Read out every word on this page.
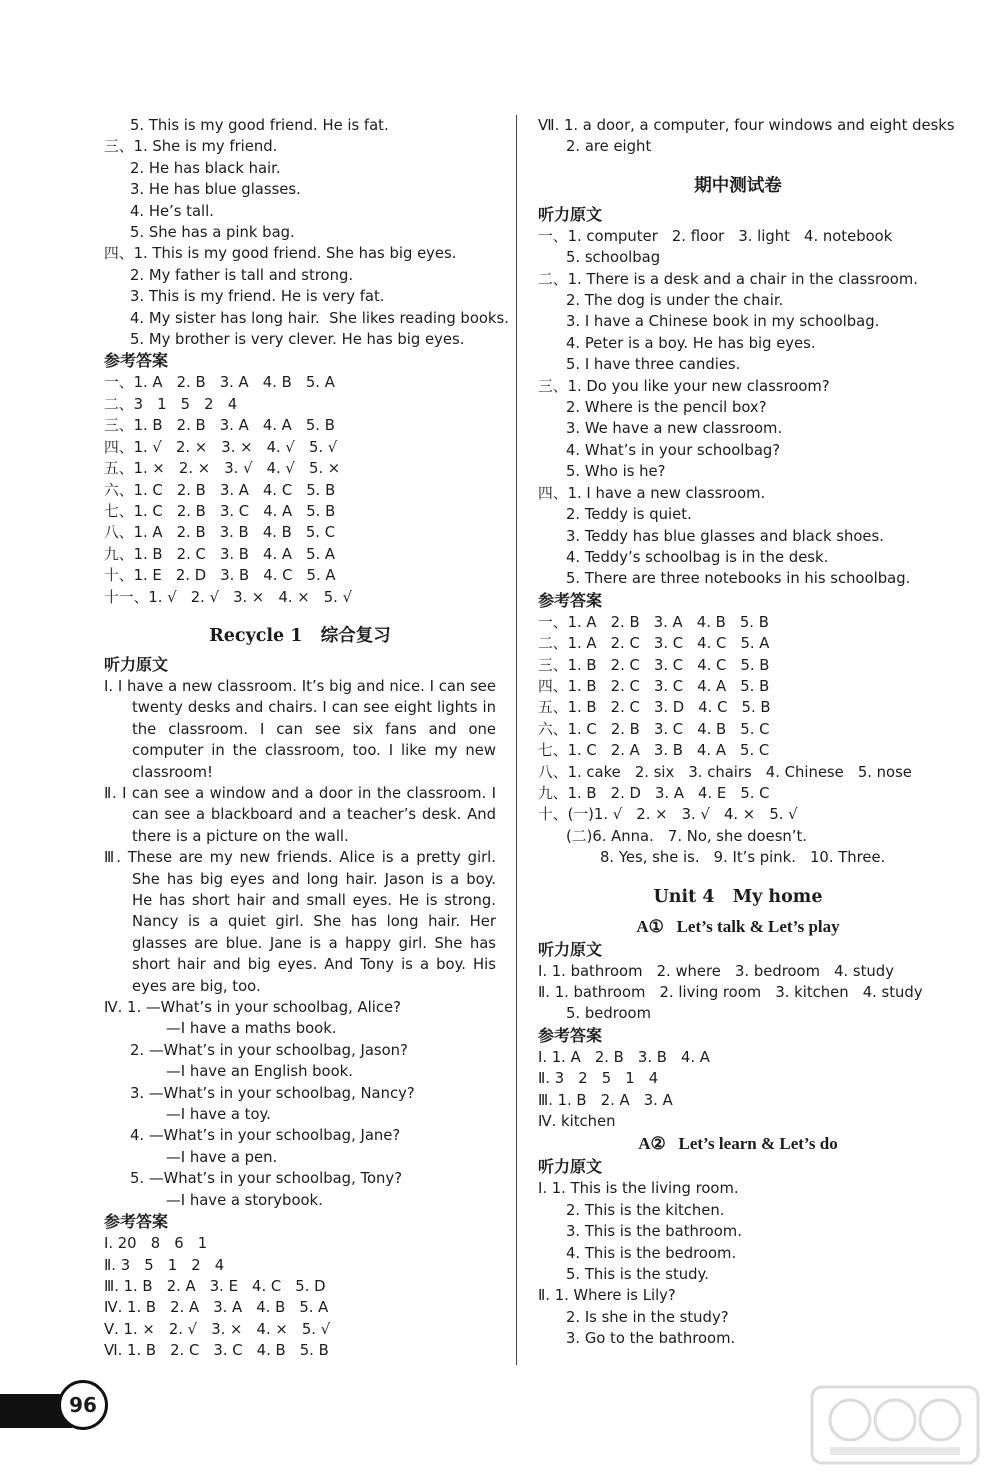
5. This is my good friend. He is fat.
三、1. She is my friend.
2. He has black hair.
3. He has blue glasses.
4. He’s tall.
5. She has a pink bag.
四、1. This is my good friend. She has big eyes.
2. My father is tall and strong.
3. This is my friend. He is very fat.
4. My sister has long hair.  She likes reading books.
5. My brother is very clever. He has big eyes.
参考答案
一、1. A   2. B   3. A   4. B   5. A
二、3   1   5   2   4
三、1. B   2. B   3. A   4. A   5. B
四、1. √   2. ×   3. ×   4. √   5. √
五、1. ×   2. ×   3. √   4. √   5. ×
六、1. C   2. B   3. A   4. C   5. B
七、1. C   2. B   3. C   4. A   5. B
八、1. A   2. B   3. B   4. B   5. C
九、1. B   2. C   3. B   4. A   5. A
十、1. E   2. D   3. B   4. C   5. A
十一、1. √   2. √   3. ×   4. ×   5. √
Recycle 1   综合复习
听力原文
Ⅰ. I have a new classroom. It’s big and nice. I can see twenty desks and chairs. I can see eight lights in the classroom. I can see six fans and one computer in the classroom, too. I like my new classroom!
Ⅱ. I can see a window and a door in the classroom. I can see a blackboard and a teacher’s desk. And there is a picture on the wall.
Ⅲ. These are my new friends. Alice is a pretty girl. She has big eyes and long hair. Jason is a boy. He has short hair and small eyes. He is strong. Nancy is a quiet girl. She has long hair. Her glasses are blue. Jane is a happy girl. She has short hair and big eyes. And Tony is a boy. His eyes are big, too.
Ⅳ. 1. —What’s in your schoolbag, Alice?
—I have a maths book.
2. —What’s in your schoolbag, Jason?
—I have an English book.
3. —What’s in your schoolbag, Nancy?
—I have a toy.
4. —What’s in your schoolbag, Jane?
—I have a pen.
5. —What’s in your schoolbag, Tony?
—I have a storybook.
参考答案
Ⅰ. 20   8   6   1
Ⅱ. 3   5   1   2   4
Ⅲ. 1. B   2. A   3. E   4. C   5. D
Ⅳ. 1. B   2. A   3. A   4. B   5. A
Ⅴ. 1. ×   2. √   3. ×   4. ×   5. √
Ⅵ. 1. B   2. C   3. C   4. B   5. B
Ⅶ. 1. a door, a computer, four windows and eight desks
2. are eight
期中测试卷
听力原文
一、1. computer   2. floor   3. light   4. notebook
5. schoolbag
二、1. There is a desk and a chair in the classroom.
2. The dog is under the chair.
3. I have a Chinese book in my schoolbag.
4. Peter is a boy. He has big eyes.
5. I have three candies.
三、1. Do you like your new classroom?
2. Where is the pencil box?
3. We have a new classroom.
4. What’s in your schoolbag?
5. Who is he?
四、1. I have a new classroom.
2. Teddy is quiet.
3. Teddy has blue glasses and black shoes.
4. Teddy’s schoolbag is in the desk.
5. There are three notebooks in his schoolbag.
参考答案
一、1. A   2. B   3. A   4. B   5. B
二、1. A   2. C   3. C   4. C   5. A
三、1. B   2. C   3. C   4. C   5. B
四、1. B   2. C   3. C   4. A   5. B
五、1. B   2. C   3. D   4. C   5. B
六、1. C   2. B   3. C   4. B   5. C
七、1. C   2. A   3. B   4. A   5. C
八、1. cake   2. six   3. chairs   4. Chinese   5. nose
九、1. B   2. D   3. A   4. E   5. C
十、(一)1. √   2. ×   3. √   4. ×   5. √
(二)6. Anna.   7. No, she doesn’t.
8. Yes, she is.   9. It’s pink.   10. Three.
Unit 4   My home
A①   Let’s talk & Let’s play
听力原文
Ⅰ. 1. bathroom   2. where   3. bedroom   4. study
Ⅱ. 1. bathroom   2. living room   3. kitchen   4. study
5. bedroom
参考答案
Ⅰ. 1. A   2. B   3. B   4. A
Ⅱ. 3   2   5   1   4
Ⅲ. 1. B   2. A   3. A
Ⅳ. kitchen
A②   Let’s learn & Let’s do
听力原文
Ⅰ. 1. This is the living room.
2. This is the kitchen.
3. This is the bathroom.
4. This is the bedroom.
5. This is the study.
Ⅱ. 1. Where is Lily?
2. Is she in the study?
3. Go to the bathroom.
96
